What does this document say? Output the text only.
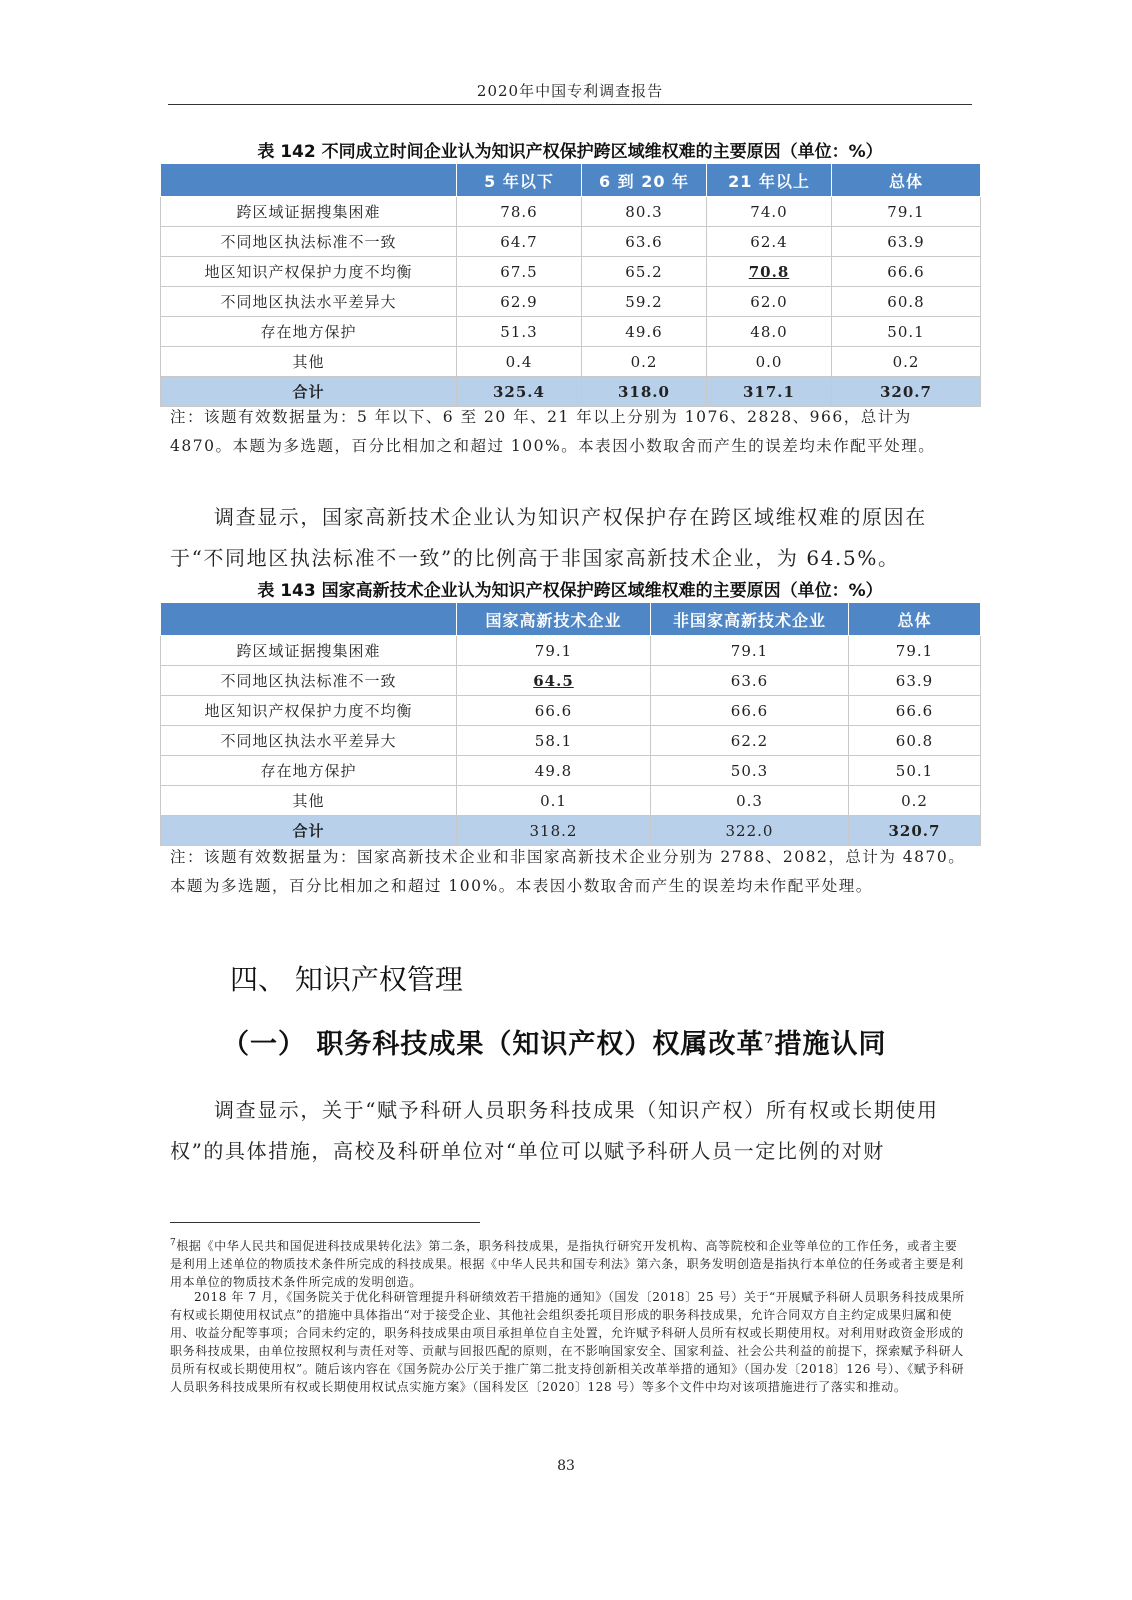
2020年中国专利调查报告
表 142 不同成立时间企业认为知识产权保护跨区域维权难的主要原因（单位：%）
	5 年以下	6 到 20 年	21 年以上	总体
跨区域证据搜集困难	78.6	80.3	74.0	79.1
不同地区执法标准不一致	64.7	63.6	62.4	63.9
地区知识产权保护力度不均衡	67.5	65.2	70.8	66.6
不同地区执法水平差异大	62.9	59.2	62.0	60.8
存在地方保护	51.3	49.6	48.0	50.1
其他	0.4	0.2	0.0	0.2
合计	325.4	318.0	317.1	320.7
注：该题有效数据量为：5 年以下、6 至 20 年、21 年以上分别为 1076、2828、966，总计为 4870。本题为多选题，百分比相加之和超过 100%。本表因小数取舍而产生的误差均未作配平处理。
调查显示，国家高新技术企业认为知识产权保护存在跨区域维权难的原因在于“不同地区执法标准不一致”的比例高于非国家高新技术企业，为 64.5%。
表 143 国家高新技术企业认为知识产权保护跨区域维权难的主要原因（单位：%）
	国家高新技术企业	非国家高新技术企业	总体
跨区域证据搜集困难	79.1	79.1	79.1
不同地区执法标准不一致	64.5	63.6	63.9
地区知识产权保护力度不均衡	66.6	66.6	66.6
不同地区执法水平差异大	58.1	62.2	60.8
存在地方保护	49.8	50.3	50.1
其他	0.1	0.3	0.2
合计	318.2	322.0	320.7
注：该题有效数据量为：国家高新技术企业和非国家高新技术企业分别为 2788、2082，总计为 4870。本题为多选题，百分比相加之和超过 100%。本表因小数取舍而产生的误差均未作配平处理。
四、 知识产权管理
（一） 职务科技成果（知识产权）权属改革$^7$措施认同
调查显示，关于“赋予科研人员职务科技成果（知识产权）所有权或长期使用权”的具体措施，高校及科研单位对“单位可以赋予科研人员一定比例的对财
$^7$根据《中华人民共和国促进科技成果转化法》第二条，职务科技成果，是指执行研究开发机构、高等院校和企业等单位的工作任务，或者主要是利用上述单位的物质技术条件所完成的科技成果。根据《中华人民共和国专利法》第六条，职务发明创造是指执行本单位的任务或者主要是利用本单位的物质技术条件所完成的发明创造。
2018 年 7 月，《国务院关于优化科研管理提升科研绩效若干措施的通知》（国发〔2018〕25 号）关于“开展赋予科研人员职务科技成果所有权或长期使用权试点”的措施中具体指出“对于接受企业、其他社会组织委托项目形成的职务科技成果，允许合同双方自主约定成果归属和使用、收益分配等事项；合同未约定的，职务科技成果由项目承担单位自主处置，允许赋予科研人员所有权或长期使用权。对利用财政资金形成的职务科技成果，由单位按照权利与责任对等、贡献与回报匹配的原则，在不影响国家安全、国家利益、社会公共利益的前提下，探索赋予科研人员所有权或长期使用权”。随后该内容在《国务院办公厅关于推广第二批支持创新相关改革举措的通知》（国办发〔2018〕126 号）、《赋予科研人员职务科技成果所有权或长期使用权试点实施方案》（国科发区〔2020〕128 号）等多个文件中均对该项措施进行了落实和推动。
83
